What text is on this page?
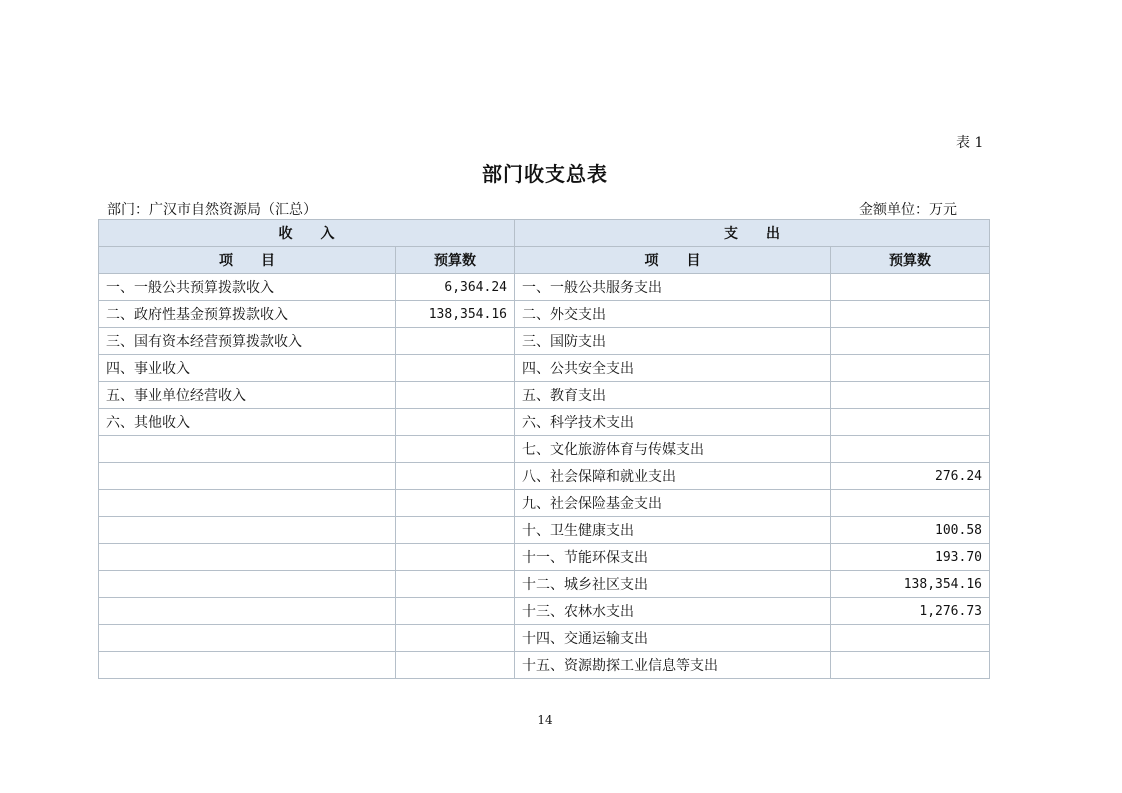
表 1
部门收支总表
部门：广汉市自然资源局（汇总）	金额单位：万元
收　　入		支　　出	
项　　目	预算数	项　　目	预算数
一、一般公共预算拨款收入	6,364.24	一、一般公共服务支出	
二、政府性基金预算拨款收入	138,354.16	二、外交支出	
三、国有资本经营预算拨款收入		三、国防支出	
四、事业收入		四、公共安全支出	
五、事业单位经营收入		五、教育支出	
六、其他收入		六、科学技术支出	
		七、文化旅游体育与传媒支出	
		八、社会保障和就业支出	276.24
		九、社会保险基金支出	
		十、卫生健康支出	100.58
		十一、节能环保支出	193.70
		十二、城乡社区支出	138,354.16
		十三、农林水支出	1,276.73
		十四、交通运输支出	
		十五、资源勘探工业信息等支出	
14
